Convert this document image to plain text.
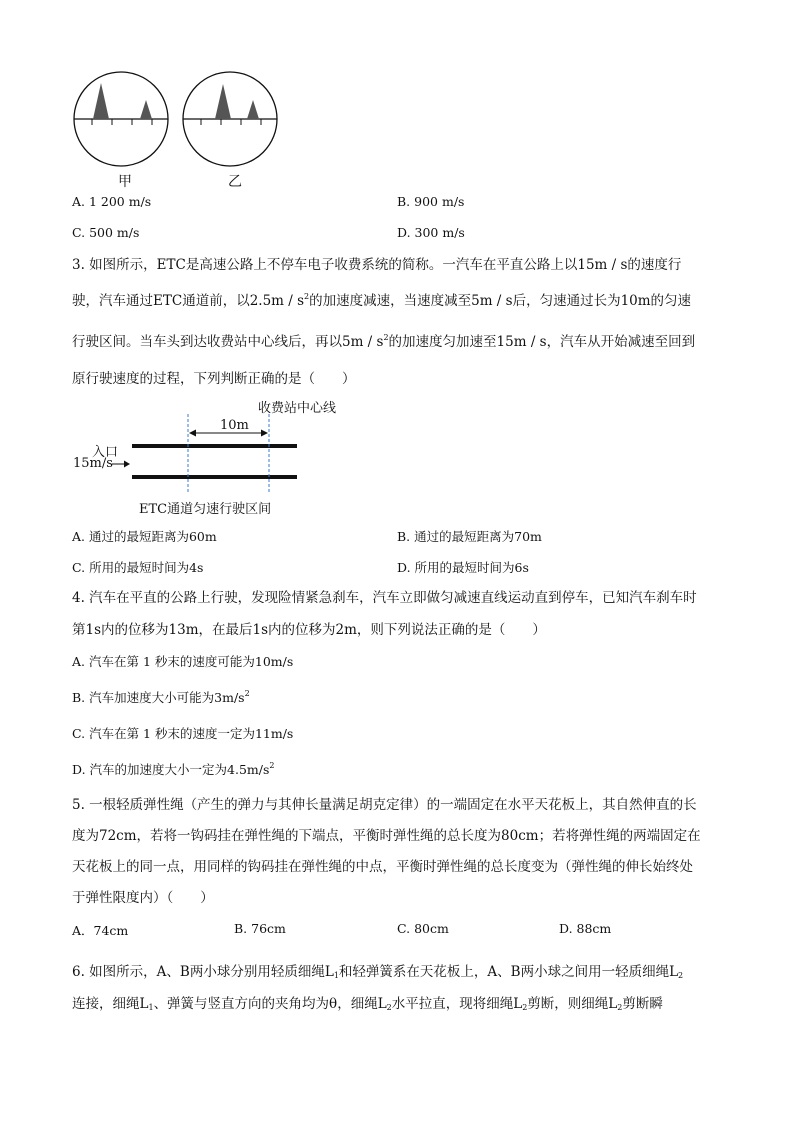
甲	乙
A. 1 200 m/s	B. 900 m/s
C. 500 m/s	D. 300 m/s
3. 如图所示，ETC是高速公路上不停车电子收费系统的简称。一汽车在平直公路上以15m / s的速度行
驶，汽车通过ETC通道前，以$2.5m / s^2$的加速度减速，当速度减至5m / s后，匀速通过长为10m的匀速
行驶区间。当车头到达收费站中心线后，再以$5m / s^2$的加速度匀加速至15m / s，汽车从开始减速至回到
原行驶速度的过程，下列判断正确的是（　　）
收费站中心线
10m
入口
15m/s
ETC通道匀速行驶区间
A. 通过的最短距离为60m	B. 通过的最短距离为70m
C. 所用的最短时间为4s	D. 所用的最短时间为6s
4. 汽车在平直的公路上行驶，发现险情紧急刹车，汽车立即做匀减速直线运动直到停车，已知汽车刹车时
第1s内的位移为13m，在最后1s内的位移为2m，则下列说法正确的是（　　）
A. 汽车在第 1 秒末的速度可能为10m/s
B. 汽车加速度大小可能为$3m/s^2$
C. 汽车在第 1 秒末的速度一定为11m/s
D. 汽车的加速度大小一定为$4.5m/s^2$
5. 一根轻质弹性绳（产生的弹力与其伸长量满足胡克定律）的一端固定在水平天花板上，其自然伸直的长
度为72cm，若将一钩码挂在弹性绳的下端点，平衡时弹性绳的总长度为80cm；若将弹性绳的两端固定在
天花板上的同一点，用同样的钩码挂在弹性绳的中点，平衡时弹性绳的总长度变为（弹性绳的伸长始终处
于弹性限度内）（　　）
A．74cm	B. 76cm	C. 80cm	D. 88cm
6. 如图所示，A、B两小球分别用轻质细绳$L_1$和轻弹簧系在天花板上，A、B两小球之间用一轻质细绳$L_2$
连接，细绳$L_1$、弹簧与竖直方向的夹角均为θ，细绳$L_2$水平拉直，现将细绳$L_2$剪断，则细绳$L_2$剪断瞬
